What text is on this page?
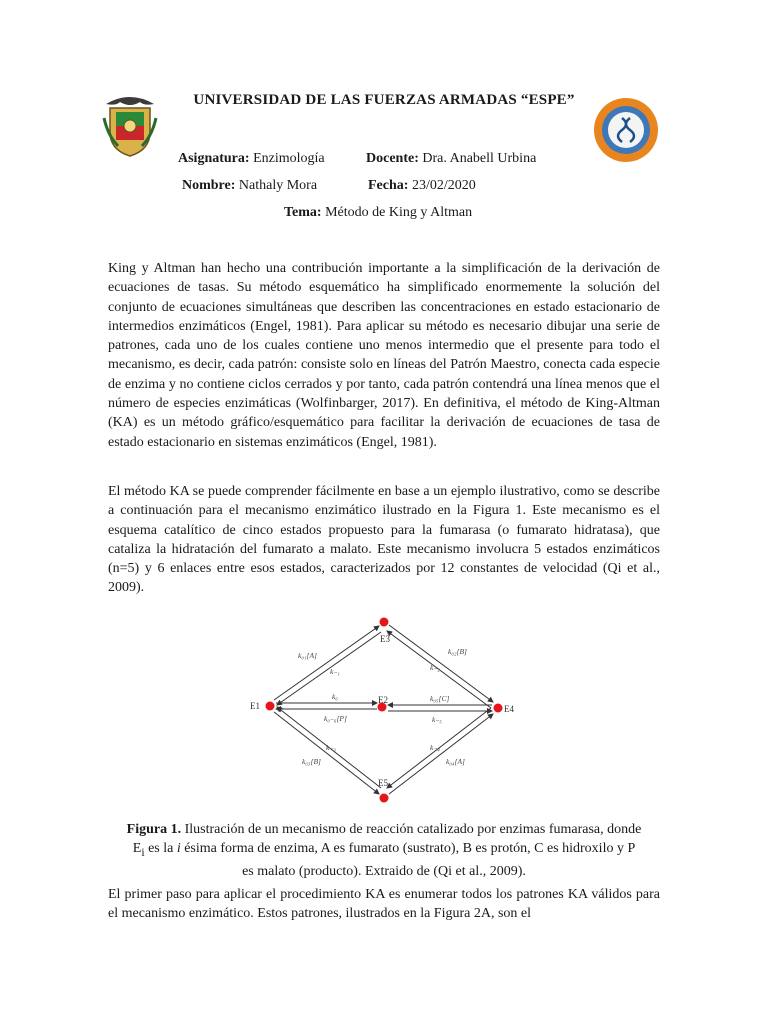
UNIVERSIDAD DE LAS FUERZAS ARMADAS “ESPE”
Asignatura: Enzimología	Docente: Dra. Anabell Urbina
Nombre: Nathaly Mora	Fecha: 23/02/2020
Tema: Método de King y Altman

King y Altman han hecho una contribución importante a la simplificación de la derivación de ecuaciones de tasas. Su método esquemático ha simplificado enormemente la solución del conjunto de ecuaciones simultáneas que describen las concentraciones en estado estacionario de intermedios enzimáticos (Engel, 1981). Para aplicar su método es necesario dibujar una serie de patrones, cada uno de los cuales contiene uno menos intermedio que el presente para todo el mecanismo, es decir, cada patrón: consiste solo en líneas del Patrón Maestro, conecta cada especie de enzima y no contiene ciclos cerrados y por tanto, cada patrón contendrá una línea menos que el número de especies enzimáticas (Wolfinbarger, 2017). En definitiva, el método de King-Altman (KA) es un método gráfico/esquemático para facilitar la derivación de ecuaciones de tasa de estado estacionario en sistemas enzimáticos (Engel, 1981).

El método KA se puede comprender fácilmente en base a un ejemplo ilustrativo, como se describe a continuación para el mecanismo enzimático ilustrado en la Figura 1. Este mecanismo es el esquema catalítico de cinco estados propuesto para la fumarasa (o fumarato hidratasa), que cataliza la hidratación del fumarato a malato. Este mecanismo involucra 5 estados enzimáticos (n=5) y 6 enlaces entre esos estados, caracterizados por 12 constantes de velocidad (Qi et al., 2009).

E1
E2
E3
E4
E5
k₀₁[A]
k₋₁
k₀₂[B]
k₋₂
k₆
k₀₋₆[P]
k₀₅[C]
k₋₅
k₋₃
k₀₃[B]
k₋₄
k₀₄[A]

Figura 1. Ilustración de un mecanismo de reacción catalizado por enzimas fumarasa, donde
$E_i$ es la i ésima forma de enzima, A es fumarato (sustrato), B es protón, C es hidroxilo y P
es malato (producto). Extraido de (Qi et al., 2009).

El primer paso para aplicar el procedimiento KA es enumerar todos los patrones KA válidos para el mecanismo enzimático. Estos patrones, ilustrados en la Figura 2A, son el
